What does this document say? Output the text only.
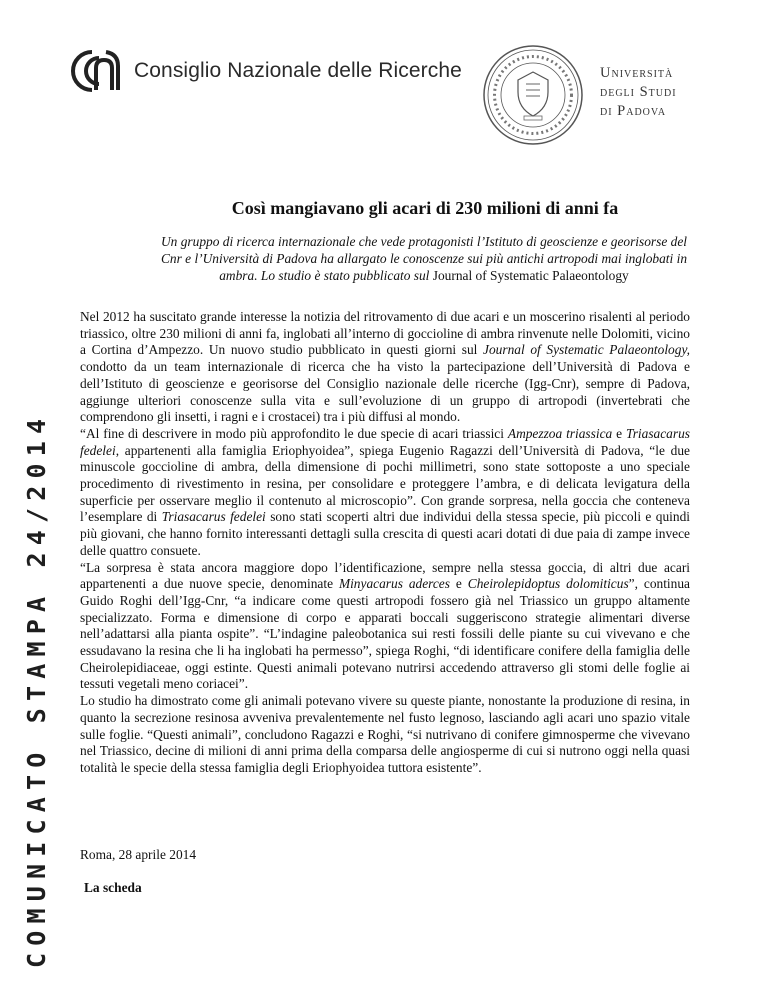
COMUNICATO STAMPA 24/2014
Consiglio Nazionale delle Ricerche	Università
degli Studi
di Padova
Così mangiavano gli acari di 230 milioni di anni fa
Un gruppo di ricerca internazionale che vede protagonisti l’Istituto di geoscienze e georisorse del Cnr e l’Università di Padova ha allargato le conoscenze sui più antichi artropodi mai inglobati in ambra. Lo studio è stato pubblicato sul Journal of Systematic Palaeontology

Nel 2012 ha suscitato grande interesse la notizia del ritrovamento di due acari e un moscerino risalenti al periodo triassico, oltre 230 milioni di anni fa, inglobati all’interno di goccioline di ambra rinvenute nelle Dolomiti, vicino a Cortina d’Ampezzo. Un nuovo studio pubblicato in questi giorni sul Journal of Systematic Palaeontology, condotto da un team internazionale di ricerca che ha visto la partecipazione dell’Università di Padova e dell’Istituto di geoscienze e georisorse del Consiglio nazionale delle ricerche (Igg-Cnr), sempre di Padova, aggiunge ulteriori conoscenze sulla vita e sull’evoluzione di un gruppo di artropodi (invertebrati che comprendono gli insetti, i ragni e i crostacei) tra i più diffusi al mondo.

“Al fine di descrivere in modo più approfondito le due specie di acari triassici Ampezzoa triassica e Triasacarus fedelei, appartenenti alla famiglia Eriophyoidea”, spiega Eugenio Ragazzi dell’Università di Padova, “le due minuscole goccioline di ambra, della dimensione di pochi millimetri, sono state sottoposte a uno speciale procedimento di rivestimento in resina, per consolidare e proteggere l’ambra, e di delicata levigatura della superficie per osservare meglio il contenuto al microscopio”. Con grande sorpresa, nella goccia che conteneva l’esemplare di Triasacarus fedelei sono stati scoperti altri due individui della stessa specie, più piccoli e quindi più giovani, che hanno fornito interessanti dettagli sulla crescita di questi acari dotati di due paia di zampe invece delle quattro consuete.

“La sorpresa è stata ancora maggiore dopo l’identificazione, sempre nella stessa goccia, di altri due acari appartenenti a due nuove specie, denominate Minyacarus aderces e Cheirolepidoptus dolomiticus”, continua Guido Roghi dell’Igg-Cnr, “a indicare come questi artropodi fossero già nel Triassico un gruppo altamente specializzato. Forma e dimensione di corpo e apparati boccali suggeriscono strategie alimentari diverse nell’adattarsi alla pianta ospite”. “L’indagine paleobotanica sui resti fossili delle piante su cui vivevano e che essudavano la resina che li ha inglobati ha permesso”, spiega Roghi, “di identificare conifere della famiglia delle Cheirolepidiaceae, oggi estinte. Questi animali potevano nutrirsi accedendo attraverso gli stomi delle foglie ai tessuti vegetali meno coriacei”.

Lo studio ha dimostrato come gli animali potevano vivere su queste piante, nonostante la produzione di resina, in quanto la secrezione resinosa avveniva prevalentemente nel fusto legnoso, lasciando agli acari uno spazio vitale sulle foglie. “Questi animali”, concludono Ragazzi e Roghi, “si nutrivano di conifere gimnosperme che vivevano nel Triassico, decine di milioni di anni prima della comparsa delle angiosperme di cui si nutrono oggi nella quasi totalità le specie della stessa famiglia degli Eriophyoidea tuttora esistente”.

Roma, 28 aprile 2014
La scheda
